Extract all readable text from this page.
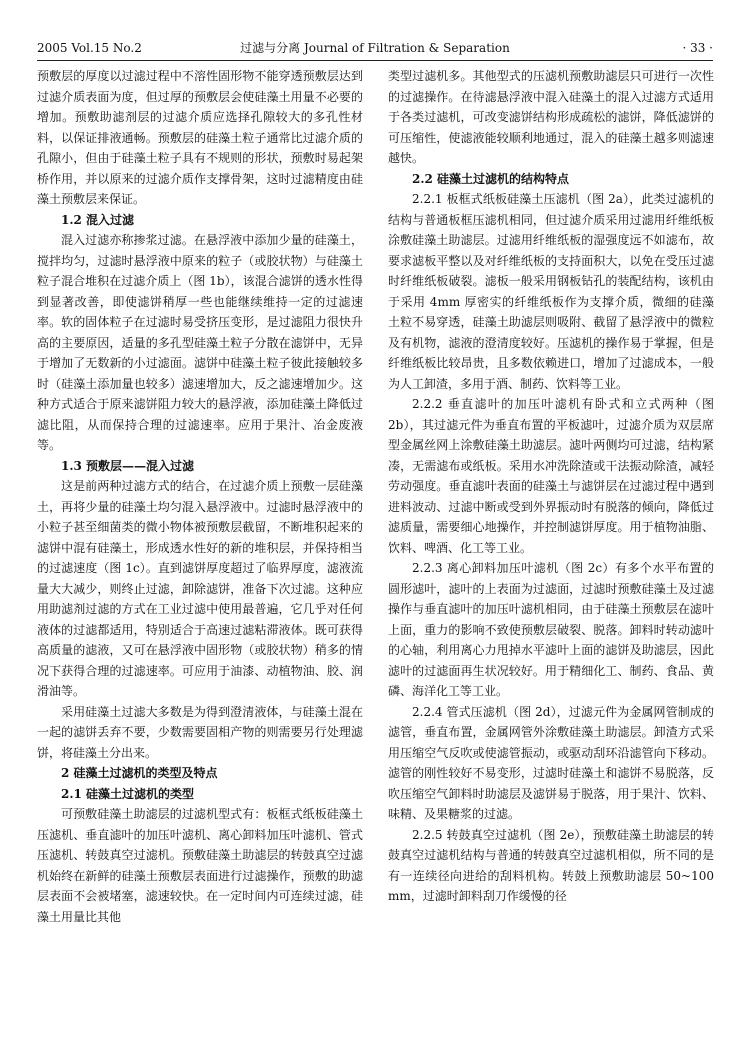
2005 Vol.15 No.2	过滤与分离 Journal of Filtration & Separation	· 33 ·

预敷层的厚度以过滤过程中不溶性固形物不能穿透预敷层达到过滤介质表面为度，但过厚的预敷层会使硅藻土用量不必要的增加。预敷助滤剂层的过滤介质应选择孔隙较大的多孔性材料，以保证排液通畅。预敷层的硅藻土粒子通常比过滤介质的孔隙小，但由于硅藻土粒子具有不规则的形状，预敷时易起架桥作用，并以原来的过滤介质作支撑骨架，这时过滤精度由硅藻土预敷层来保证。

1.2 混入过滤

混入过滤亦称掺浆过滤。在悬浮液中添加少量的硅藻土，搅拌均匀，过滤时悬浮液中原来的粒子（或胶状物）与硅藻土粒子混合堆积在过滤介质上（图 1b），该混合滤饼的透水性得到显著改善，即使滤饼稍厚一些也能继续维持一定的过滤速率。软的固体粒子在过滤时易受挤压变形，是过滤阻力很快升高的主要原因，适量的多孔型硅藻土粒子分散在滤饼中，无异于增加了无数新的小过滤面。滤饼中硅藻土粒子彼此接触较多时（硅藻土添加量也较多）滤速增加大，反之滤速增加少。这种方式适合于原来滤饼阻力较大的悬浮液，添加硅藻土降低过滤比阻，从而保持合理的过滤速率。应用于果汁、冶金废液等。

1.3 预敷层——混入过滤

这是前两种过滤方式的结合，在过滤介质上预敷一层硅藻土，再将少量的硅藻土均匀混入悬浮液中。过滤时悬浮液中的小粒子甚至细菌类的微小物体被预敷层截留，不断堆积起来的滤饼中混有硅藻土，形成透水性好的新的堆积层，并保持相当的过滤速度（图 1c）。直到滤饼厚度超过了临界厚度，滤液流量大大减少，则终止过滤，卸除滤饼，准备下次过滤。这种应用助滤剂过滤的方式在工业过滤中使用最普遍，它几乎对任何液体的过滤都适用，特别适合于高速过滤粘滞液体。既可获得高质量的滤液，又可在悬浮液中固形物（或胶状物）稍多的情况下获得合理的过滤速率。可应用于油漆、动植物油、胶、润滑油等。

采用硅藻土过滤大多数是为得到澄清液体，与硅藻土混在一起的滤饼丢弃不要，少数需要固相产物的则需要另行处理滤饼，将硅藻土分出来。

2 硅藻土过滤机的类型及特点
2.1 硅藻土过滤机的类型

可预敷硅藻土助滤层的过滤机型式有：板框式纸板硅藻土压滤机、垂直滤叶的加压叶滤机、离心卸料加压叶滤机、管式压滤机、转鼓真空过滤机。预敷硅藻土助滤层的转鼓真空过滤机始终在新鲜的硅藻土预敷层表面进行过滤操作，预敷的助滤层表面不会被堵塞，滤速较快。在一定时间内可连续过滤，硅藻土用量比其他

类型过滤机多。其他型式的压滤机预敷助滤层只可进行一次性的过滤操作。在待滤悬浮液中混入硅藻土的混入过滤方式适用于各类过滤机，可改变滤饼结构形成疏松的滤饼，降低滤饼的可压缩性，使滤液能较顺利地通过，混入的硅藻土越多则滤速越快。

2.2 硅藻土过滤机的结构特点

2.2.1 板框式纸板硅藻土压滤机（图 2a），此类过滤机的结构与普通板框压滤机相同，但过滤介质采用过滤用纤维纸板涂敷硅藻土助滤层。过滤用纤维纸板的湿强度远不如滤布，故要求滤板平整以及对纤维纸板的支持面积大，以免在受压过滤时纤维纸板破裂。滤板一般采用钢板钻孔的装配结构，该机由于采用 4mm 厚密实的纤维纸板作为支撑介质，微细的硅藻土粒不易穿透，硅藻土助滤层则吸附、截留了悬浮液中的微粒及有机物，滤液的澄清度较好。压滤机的操作易于掌握，但是纤维纸板比较昂贵，且多数依赖进口，增加了过滤成本，一般为人工卸渣，多用于酒、制药、饮料等工业。

2.2.2 垂直滤叶的加压叶滤机有卧式和立式两种（图 2b），其过滤元件为垂直布置的平板滤叶，过滤介质为双层席型金属丝网上涂敷硅藻土助滤层。滤叶两侧均可过滤，结构紧凑，无需滤布或纸板。采用水冲洗除渣或干法振动除渣，减轻劳动强度。垂直滤叶表面的硅藻土与滤饼层在过滤过程中遇到进料波动、过滤中断或受到外界振动时有脱落的倾向，降低过滤质量，需要细心地操作，并控制滤饼厚度。用于植物油脂、饮料、啤酒、化工等工业。

2.2.3 离心卸料加压叶滤机（图 2c）有多个水平布置的圆形滤叶，滤叶的上表面为过滤面，过滤时预敷硅藻土及过滤操作与垂直滤叶的加压叶滤机相同，由于硅藻土预敷层在滤叶上面，重力的影响不致使预敷层破裂、脱落。卸料时转动滤叶的心轴，利用离心力甩掉水平滤叶上面的滤饼及助滤层，因此滤叶的过滤面再生状况较好。用于精细化工、制药、食品、黄磷、海洋化工等工业。

2.2.4 管式压滤机（图 2d），过滤元件为金属网管制成的滤管，垂直布置，金属网管外涂敷硅藻土助滤层。卸渣方式采用压缩空气反吹或使滤管振动，或驱动刮环沿滤管向下移动。滤管的刚性较好不易变形，过滤时硅藻土和滤饼不易脱落，反吹压缩空气卸料时助滤层及滤饼易于脱落，用于果汁、饮料、味精、及果糖浆的过滤。

2.2.5 转鼓真空过滤机（图 2e），预敷硅藻土助滤层的转鼓真空过滤机结构与普通的转鼓真空过滤机相似，所不同的是有一连续径向进给的刮料机构。转鼓上预敷助滤层 50~100 mm，过滤时卸料刮刀作缓慢的径
